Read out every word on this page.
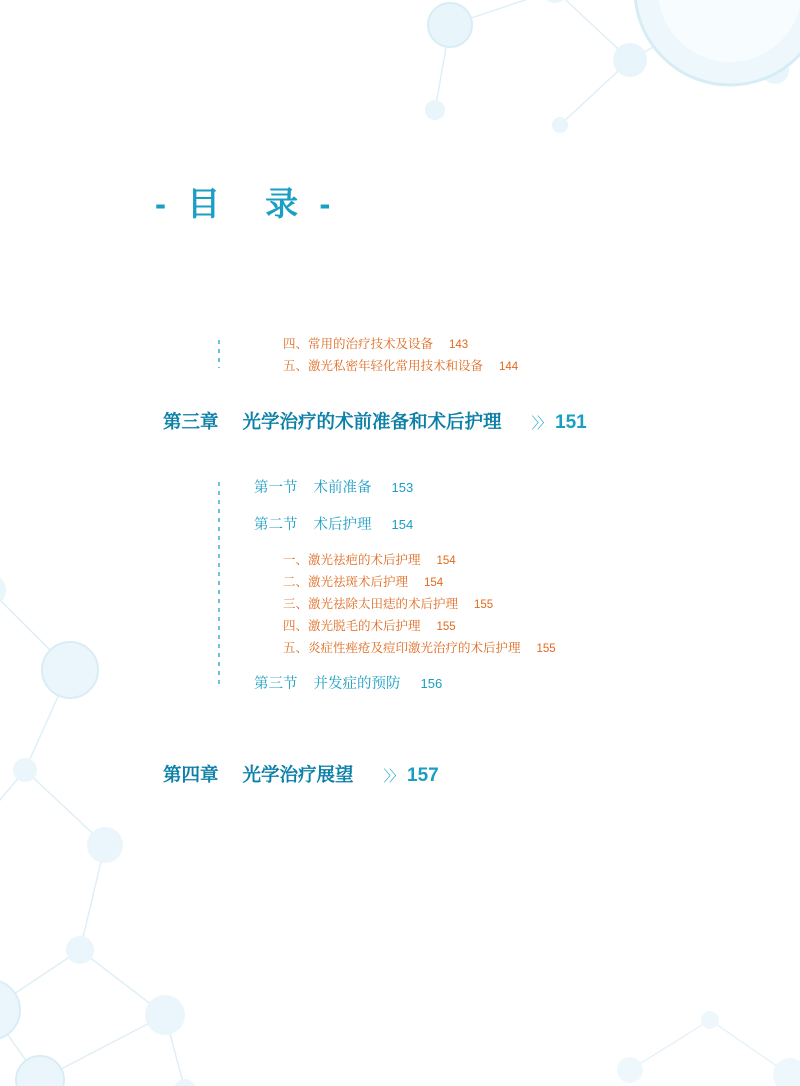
- 目　录 -
四、常用的治疗技术及设备 143
五、激光私密年轻化常用技术和设备 144
第三章 光学治疗的术前准备和术后护理 〉〉 151
第一节 术前准备 153
第二节 术后护理 154
一、激光祛疤的术后护理 154
二、激光祛斑术后护理 154
三、激光祛除太田痣的术后护理 155
四、激光脱毛的术后护理 155
五、炎症性痤疮及痘印激光治疗的术后护理 155
第三节 并发症的预防 156
第四章 光学治疗展望 〉〉 157
